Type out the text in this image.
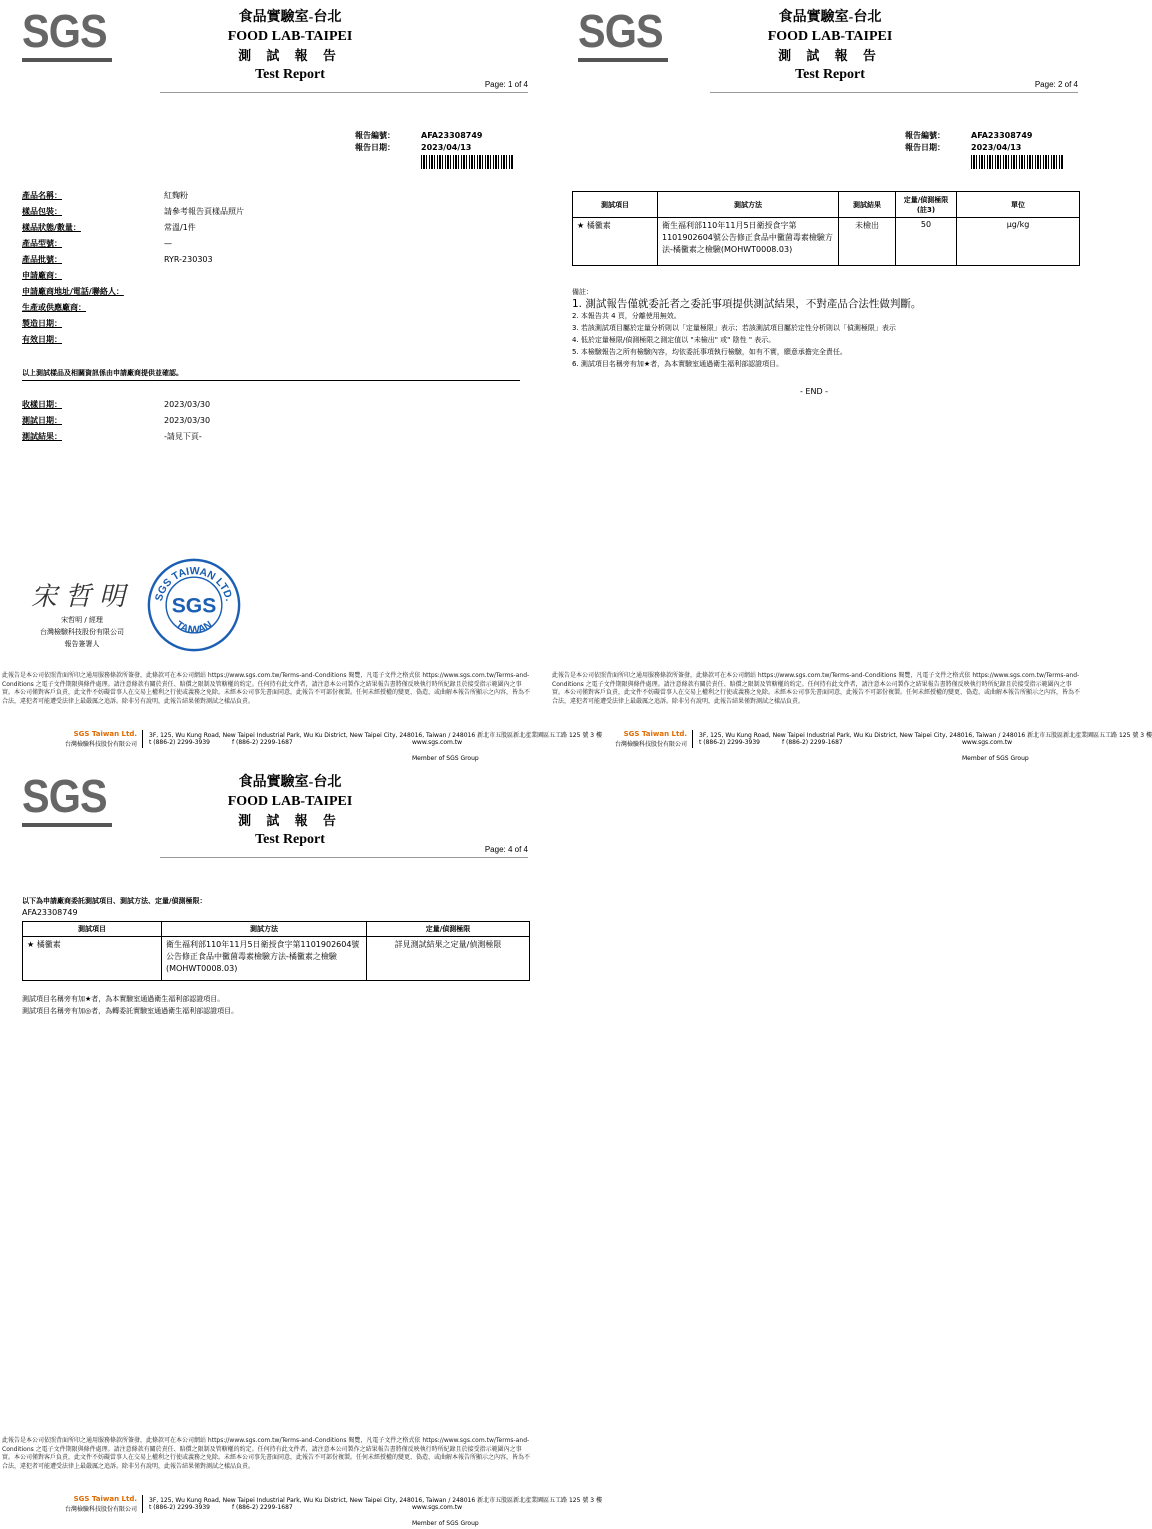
SGS	食品實驗室-台北
FOOD LAB-TAIPEI
測 試 報 告
Test Report
Page: 1 of 4
報告編號：	AFA23308749
報告日期：	2023/04/13
產品名稱：	紅麴粉
樣品包裝：	請參考報告頁樣品照片
樣品狀態/數量：	常溫/1件
產品型號：	—
產品批號：	RYR-230303
申請廠商：
申請廠商地址/電話/聯絡人：
生產或供應廠商：
製造日期：
有效日期：
以上測試樣品及相關資訊係由申請廠商提供並確認。
收樣日期：	2023/03/30
測試日期：	2023/03/30
測試結果：	-請見下頁-
宋哲明
宋哲明 / 經理
台灣檢驗科技股份有限公司
報告簽署人
SGS TAIWAN LTD.
TAIWAN
SGS
此報告是本公司依照背面所印之通用服務條款所簽發，此條款可在本公司網站 https://www.sgs.com.tw/Terms-and-Conditions 閱覽，凡電子文件之格式依 https://www.sgs.com.tw/Terms-and-Conditions 之電子文件期限與條件處理。請注意條款有關於責任、賠償之限制及管轄權的約定。任何持有此文件者，請注意本公司製作之結果報告書將僅反映執行時所紀錄且於接受指示範圍內之事實。本公司僅對客戶負責，此文件不妨礙當事人在交易上權利之行使或義務之免除。未經本公司事先書面同意，此報告不可部份複製。任何未經授權的變更、偽造、或曲解本報告所顯示之內容，皆為不合法，違犯者可能遭受法律上最嚴厲之追訴。除非另有說明，此報告結果僅對測試之樣品負責。
SGS Taiwan Ltd.
台灣檢驗科技股份有限公司
3F, 125, Wu Kung Road, New Taipei Industrial Park, Wu Ku District, New Taipei City, 248016, Taiwan / 248016 新北市五股區新北產業園區五工路 125 號 3 樓
t (886-2) 2299-3939	f (886-2) 2299-1687	www.sgs.com.tw
Member of SGS Group
SGS	食品實驗室-台北
FOOD LAB-TAIPEI
測 試 報 告
Test Report
Page: 2 of 4
報告編號：	AFA23308749
報告日期：	2023/04/13
測試項目	測試方法	測試結果	定量/偵測極限(註3)	單位
★ 橘黴素	衛生福利部110年11月5日衛授食字第1101902604號公告修正食品中黴菌毒素檢驗方法-橘黴素之檢驗(MOHWT0008.03)	未檢出	50	μg/kg
備註：
1. 測試報告僅就委託者之委託事項提供測試結果，不對產品合法性做判斷。
2. 本報告共 4 頁，分離使用無效。
3. 若該測試項目屬於定量分析則以「定量極限」表示；若該測試項目屬於定性分析則以「偵測極限」表示
4. 低於定量極限/偵測極限之測定值以 "未檢出" 或" 陰性 " 表示。
5. 本檢驗報告之所有檢驗內容，均依委託事項執行檢驗，如有不實，願意承擔完全責任。
6. 測試項目名稱旁有加★者，為本實驗室通過衛生福利部認證項目。
- END -
此報告是本公司依照背面所印之通用服務條款所簽發，此條款可在本公司網站 https://www.sgs.com.tw/Terms-and-Conditions 閱覽，凡電子文件之格式依 https://www.sgs.com.tw/Terms-and-Conditions 之電子文件期限與條件處理。請注意條款有關於責任、賠償之限制及管轄權的約定。任何持有此文件者，請注意本公司製作之結果報告書將僅反映執行時所紀錄且於接受指示範圍內之事實。本公司僅對客戶負責，此文件不妨礙當事人在交易上權利之行使或義務之免除。未經本公司事先書面同意，此報告不可部份複製。任何未經授權的變更、偽造、或曲解本報告所顯示之內容，皆為不合法，違犯者可能遭受法律上最嚴厲之追訴。除非另有說明，此報告結果僅對測試之樣品負責。
SGS Taiwan Ltd.
台灣檢驗科技股份有限公司
3F, 125, Wu Kung Road, New Taipei Industrial Park, Wu Ku District, New Taipei City, 248016, Taiwan / 248016 新北市五股區新北產業園區五工路 125 號 3 樓
t (886-2) 2299-3939	f (886-2) 2299-1687	www.sgs.com.tw
Member of SGS Group
SGS	食品實驗室-台北
FOOD LAB-TAIPEI
測 試 報 告
Test Report
Page: 4 of 4
以下為申請廠商委託測試項目、測試方法、定量/偵測極限：
AFA23308749
測試項目	測試方法	定量/偵測極限
★ 橘黴素	衛生福利部110年11月5日衛授食字第1101902604號公告修正食品中黴菌毒素檢驗方法-橘黴素之檢驗(MOHWT0008.03)	詳見測試結果之定量/偵測極限
測試項目名稱旁有加★者，為本實驗室通過衛生福利部認證項目。
測試項目名稱旁有加◎者，為轉委託實驗室通過衛生福利部認證項目。
此報告是本公司依照背面所印之通用服務條款所簽發，此條款可在本公司網站 https://www.sgs.com.tw/Terms-and-Conditions 閱覽，凡電子文件之格式依 https://www.sgs.com.tw/Terms-and-Conditions 之電子文件期限與條件處理。請注意條款有關於責任、賠償之限制及管轄權的約定。任何持有此文件者，請注意本公司製作之結果報告書將僅反映執行時所紀錄且於接受指示範圍內之事實。本公司僅對客戶負責，此文件不妨礙當事人在交易上權利之行使或義務之免除。未經本公司事先書面同意，此報告不可部份複製。任何未經授權的變更、偽造、或曲解本報告所顯示之內容，皆為不合法，違犯者可能遭受法律上最嚴厲之追訴。除非另有說明，此報告結果僅對測試之樣品負責。
SGS Taiwan Ltd.
台灣檢驗科技股份有限公司
3F, 125, Wu Kung Road, New Taipei Industrial Park, Wu Ku District, New Taipei City, 248016, Taiwan / 248016 新北市五股區新北產業園區五工路 125 號 3 樓
t (886-2) 2299-3939	f (886-2) 2299-1687	www.sgs.com.tw
Member of SGS Group
